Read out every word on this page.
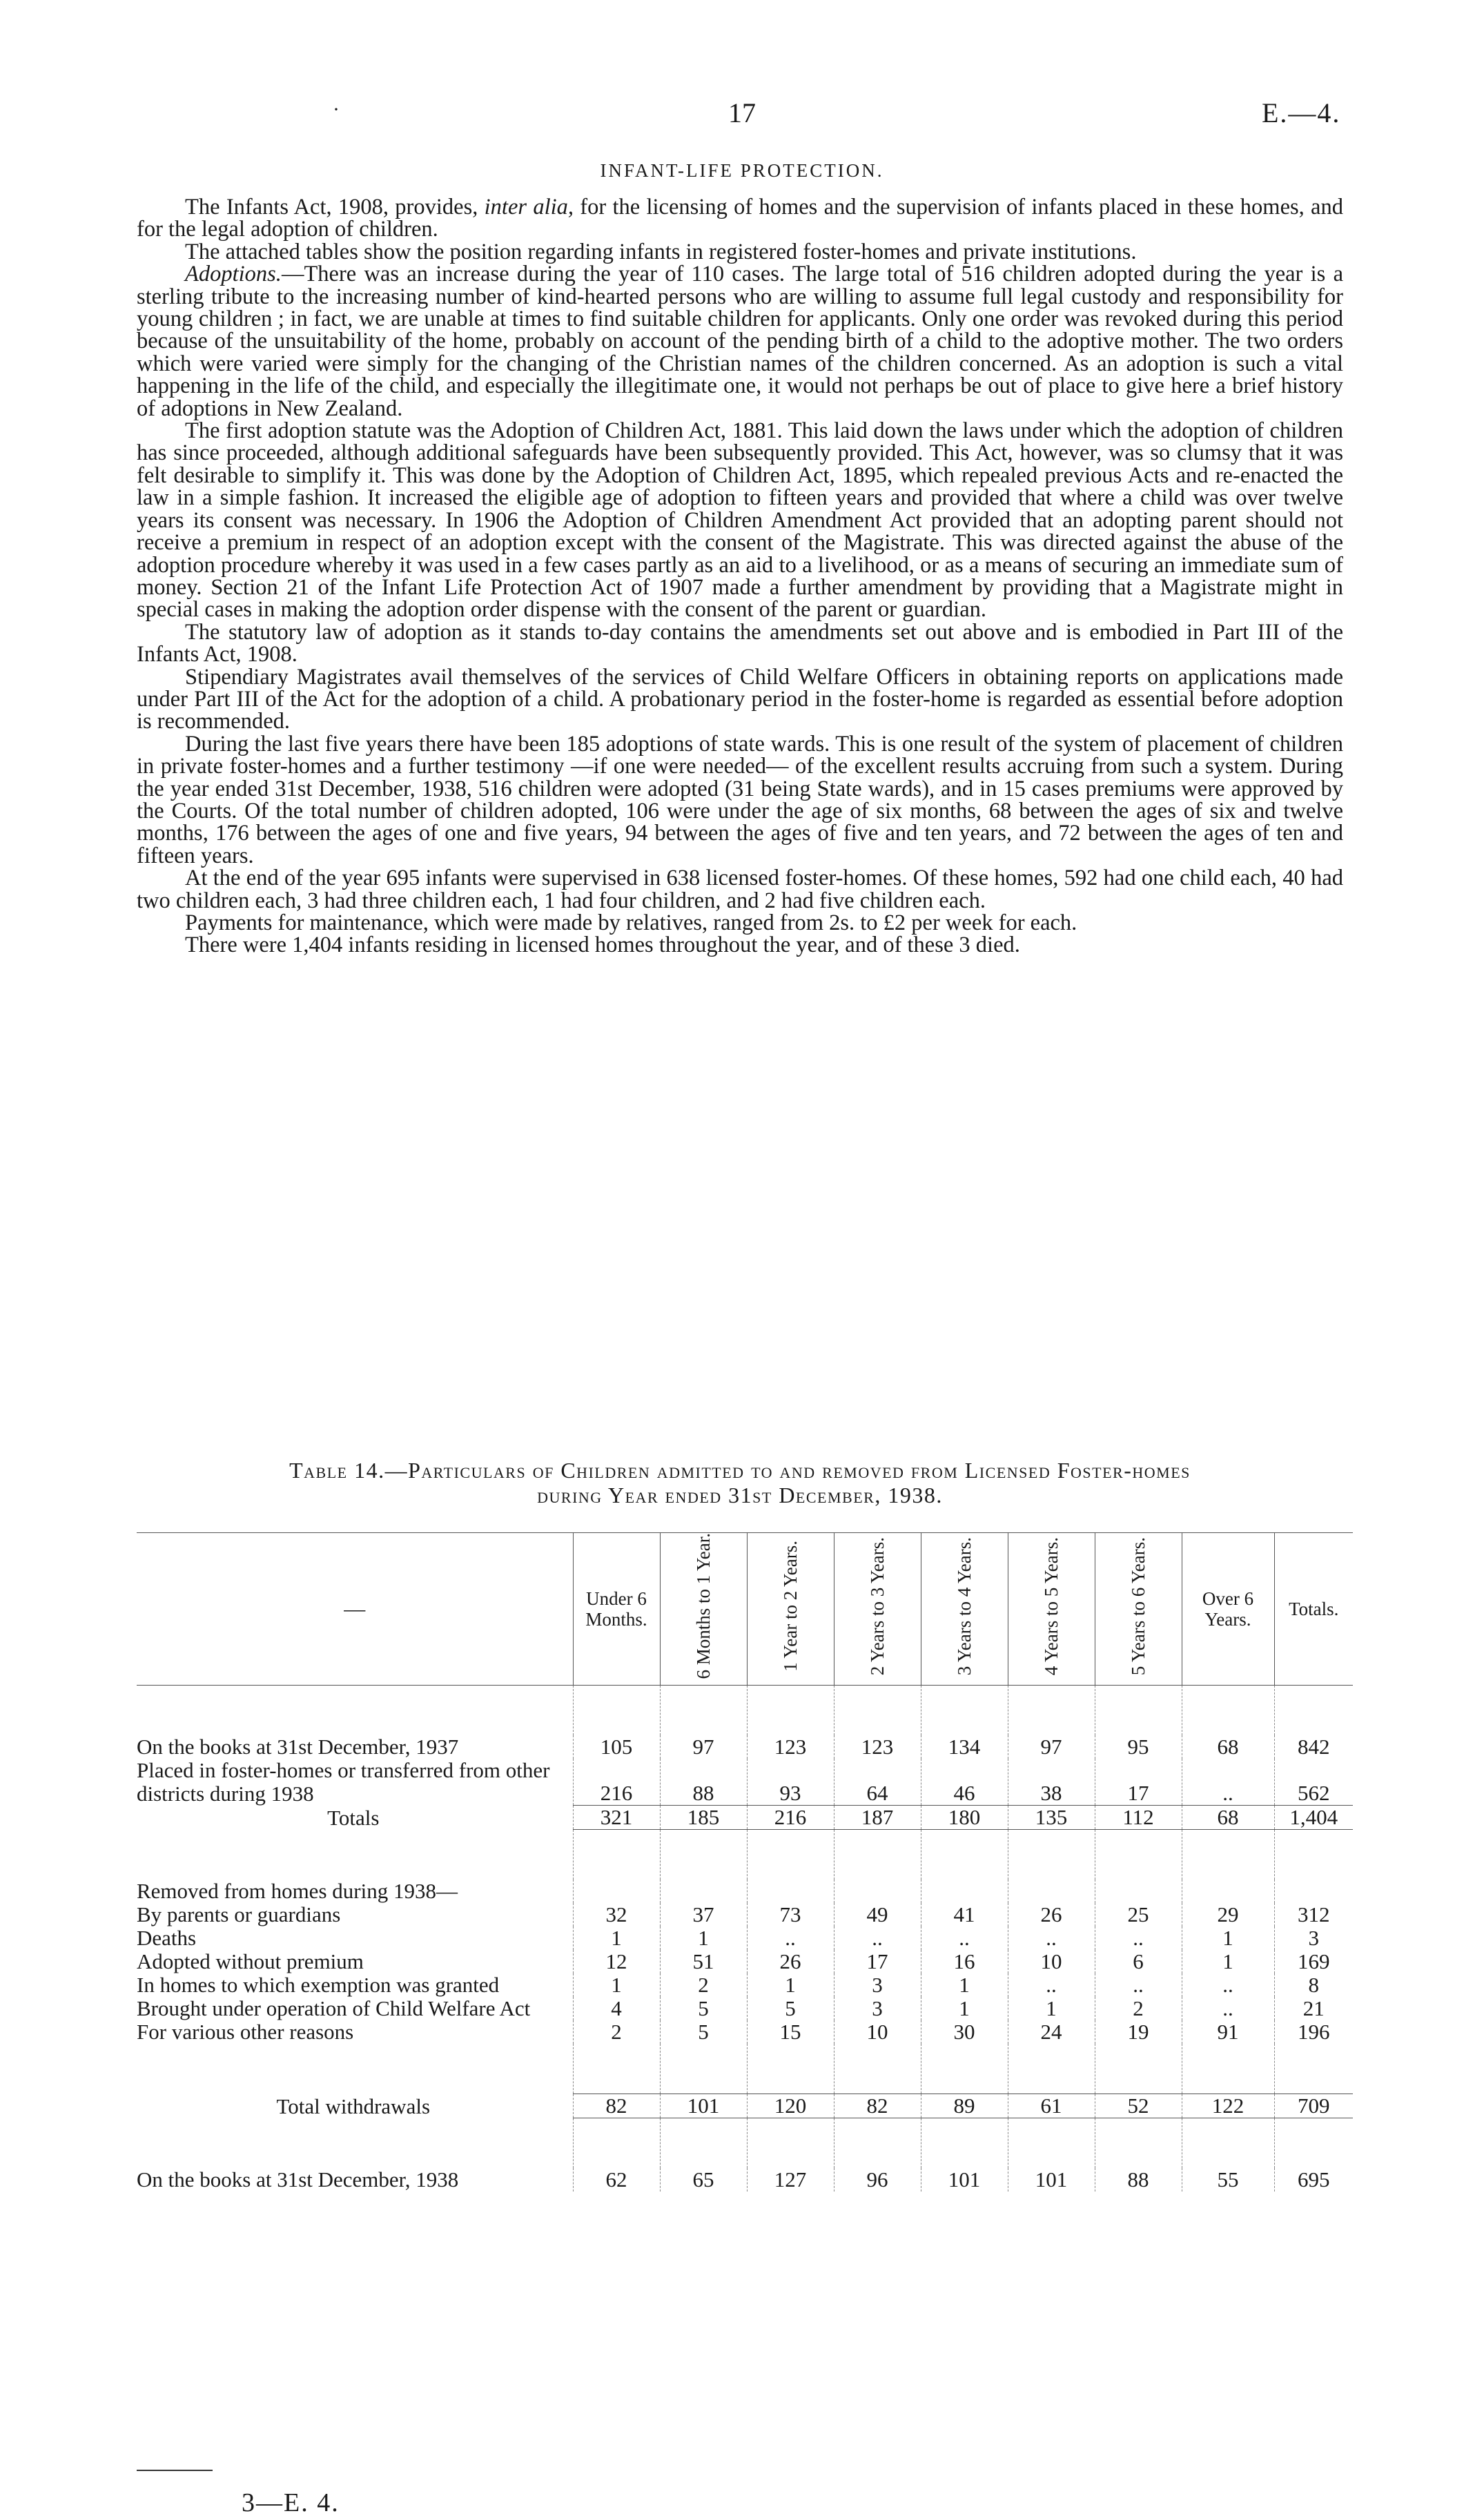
·	17	E.—4.
INFANT-LIFE PROTECTION.

The Infants Act, 1908, provides, inter alia, for the licensing of homes and the supervision of infants placed in these homes, and for the legal adoption of children.

The attached tables show the position regarding infants in registered foster-homes and private institutions.

Adoptions.—There was an increase during the year of 110 cases. The large total of 516 children adopted during the year is a sterling tribute to the increasing number of kind-hearted persons who are willing to assume full legal custody and responsibility for young children ; in fact, we are unable at times to find suitable children for applicants. Only one order was revoked during this period because of the unsuitability of the home, probably on account of the pending birth of a child to the adoptive mother. The two orders which were varied were simply for the changing of the Christian names of the children concerned. As an adoption is such a vital happening in the life of the child, and especially the illegitimate one, it would not perhaps be out of place to give here a brief history of adoptions in New Zealand.

The first adoption statute was the Adoption of Children Act, 1881. This laid down the laws under which the adoption of children has since proceeded, although additional safeguards have been subsequently provided. This Act, however, was so clumsy that it was felt desirable to simplify it. This was done by the Adoption of Children Act, 1895, which repealed previous Acts and re-enacted the law in a simple fashion. It increased the eligible age of adoption to fifteen years and provided that where a child was over twelve years its consent was necessary. In 1906 the Adoption of Children Amendment Act provided that an adopting parent should not receive a premium in respect of an adoption except with the consent of the Magistrate. This was directed against the abuse of the adoption procedure whereby it was used in a few cases partly as an aid to a livelihood, or as a means of securing an immediate sum of money. Section 21 of the Infant Life Protection Act of 1907 made a further amendment by providing that a Magistrate might in special cases in making the adoption order dispense with the consent of the parent or guardian.

The statutory law of adoption as it stands to-day contains the amendments set out above and is embodied in Part III of the Infants Act, 1908.

Stipendiary Magistrates avail themselves of the services of Child Welfare Officers in obtaining reports on applications made under Part III of the Act for the adoption of a child. A probationary period in the foster-home is regarded as essential before adoption is recommended.

During the last five years there have been 185 adoptions of state wards. This is one result of the system of placement of children in private foster-homes and a further testimony —if one were needed— of the excellent results accruing from such a system. During the year ended 31st December, 1938, 516 children were adopted (31 being State wards), and in 15 cases premiums were approved by the Courts. Of the total number of children adopted, 106 were under the age of six months, 68 between the ages of six and twelve months, 176 between the ages of one and five years, 94 between the ages of five and ten years, and 72 between the ages of ten and fifteen years.

At the end of the year 695 infants were supervised in 638 licensed foster-homes. Of these homes, 592 had one child each, 40 had two children each, 3 had three children each, 1 had four children, and 2 had five children each.

Payments for maintenance, which were made by relatives, ranged from 2s. to £2 per week for each.

There were 1,404 infants residing in licensed homes throughout the year, and of these 3 died.

Table 14.—Particulars of Children admitted to and removed from Licensed Foster-homes
during Year ended 31st December, 1938.
—	Under 6 Months.	6 Months to 1 Year.	1 Year to 2 Years.	2 Years to 3 Years.	3 Years to 4 Years.	4 Years to 5 Years.	5 Years to 6 Years.	Over 6 Years.	Totals.

On the books at 31st December, 1937	105	97	123	123	134	97	95	68	842
Placed in foster-homes or transferred from other districts during 1938	216	88	93	64	46	38	17	..	562
Totals	321	185	216	187	180	135	112	68	1,404

Removed from homes during 1938—									
By parents or guardians	32	37	73	49	41	26	25	29	312
Deaths	1	1	..	..	..	..	..	1	3
Adopted without premium	12	51	26	17	16	10	6	1	169
In homes to which exemption was granted	1	2	1	3	1	..	..	..	8
Brought under operation of Child Welfare Act	4	5	5	3	1	1	2	..	21
For various other reasons	2	5	15	10	30	24	19	91	196

Total withdrawals	82	101	120	82	89	61	52	122	709

On the books at 31st December, 1938	62	65	127	96	101	101	88	55	695
3—E. 4.
